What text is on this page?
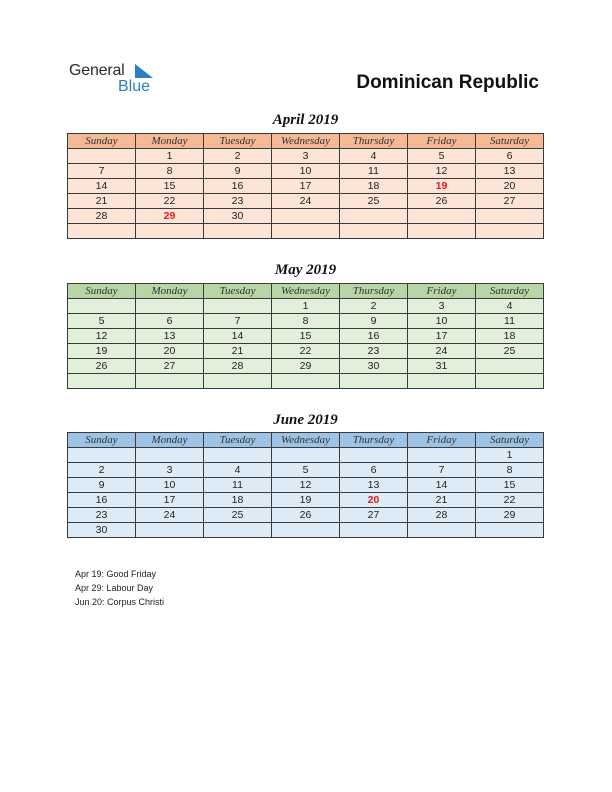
General
Blue	Dominican Republic
April 2019
Sunday	Monday	Tuesday	Wednesday	Thursday	Friday	Saturday
	1	2	3	4	5	6
7	8	9	10	11	12	13
14	15	16	17	18	19	20
21	22	23	24	25	26	27
28	29	30				

May 2019
Sunday	Monday	Tuesday	Wednesday	Thursday	Friday	Saturday
			1	2	3	4
5	6	7	8	9	10	11
12	13	14	15	16	17	18
19	20	21	22	23	24	25
26	27	28	29	30	31	

June 2019
Sunday	Monday	Tuesday	Wednesday	Thursday	Friday	Saturday
						1
2	3	4	5	6	7	8
9	10	11	12	13	14	15
16	17	18	19	20	21	22
23	24	25	26	27	28	29
30						
Apr 19: Good Friday
Apr 29: Labour Day
Jun 20: Corpus Christi
